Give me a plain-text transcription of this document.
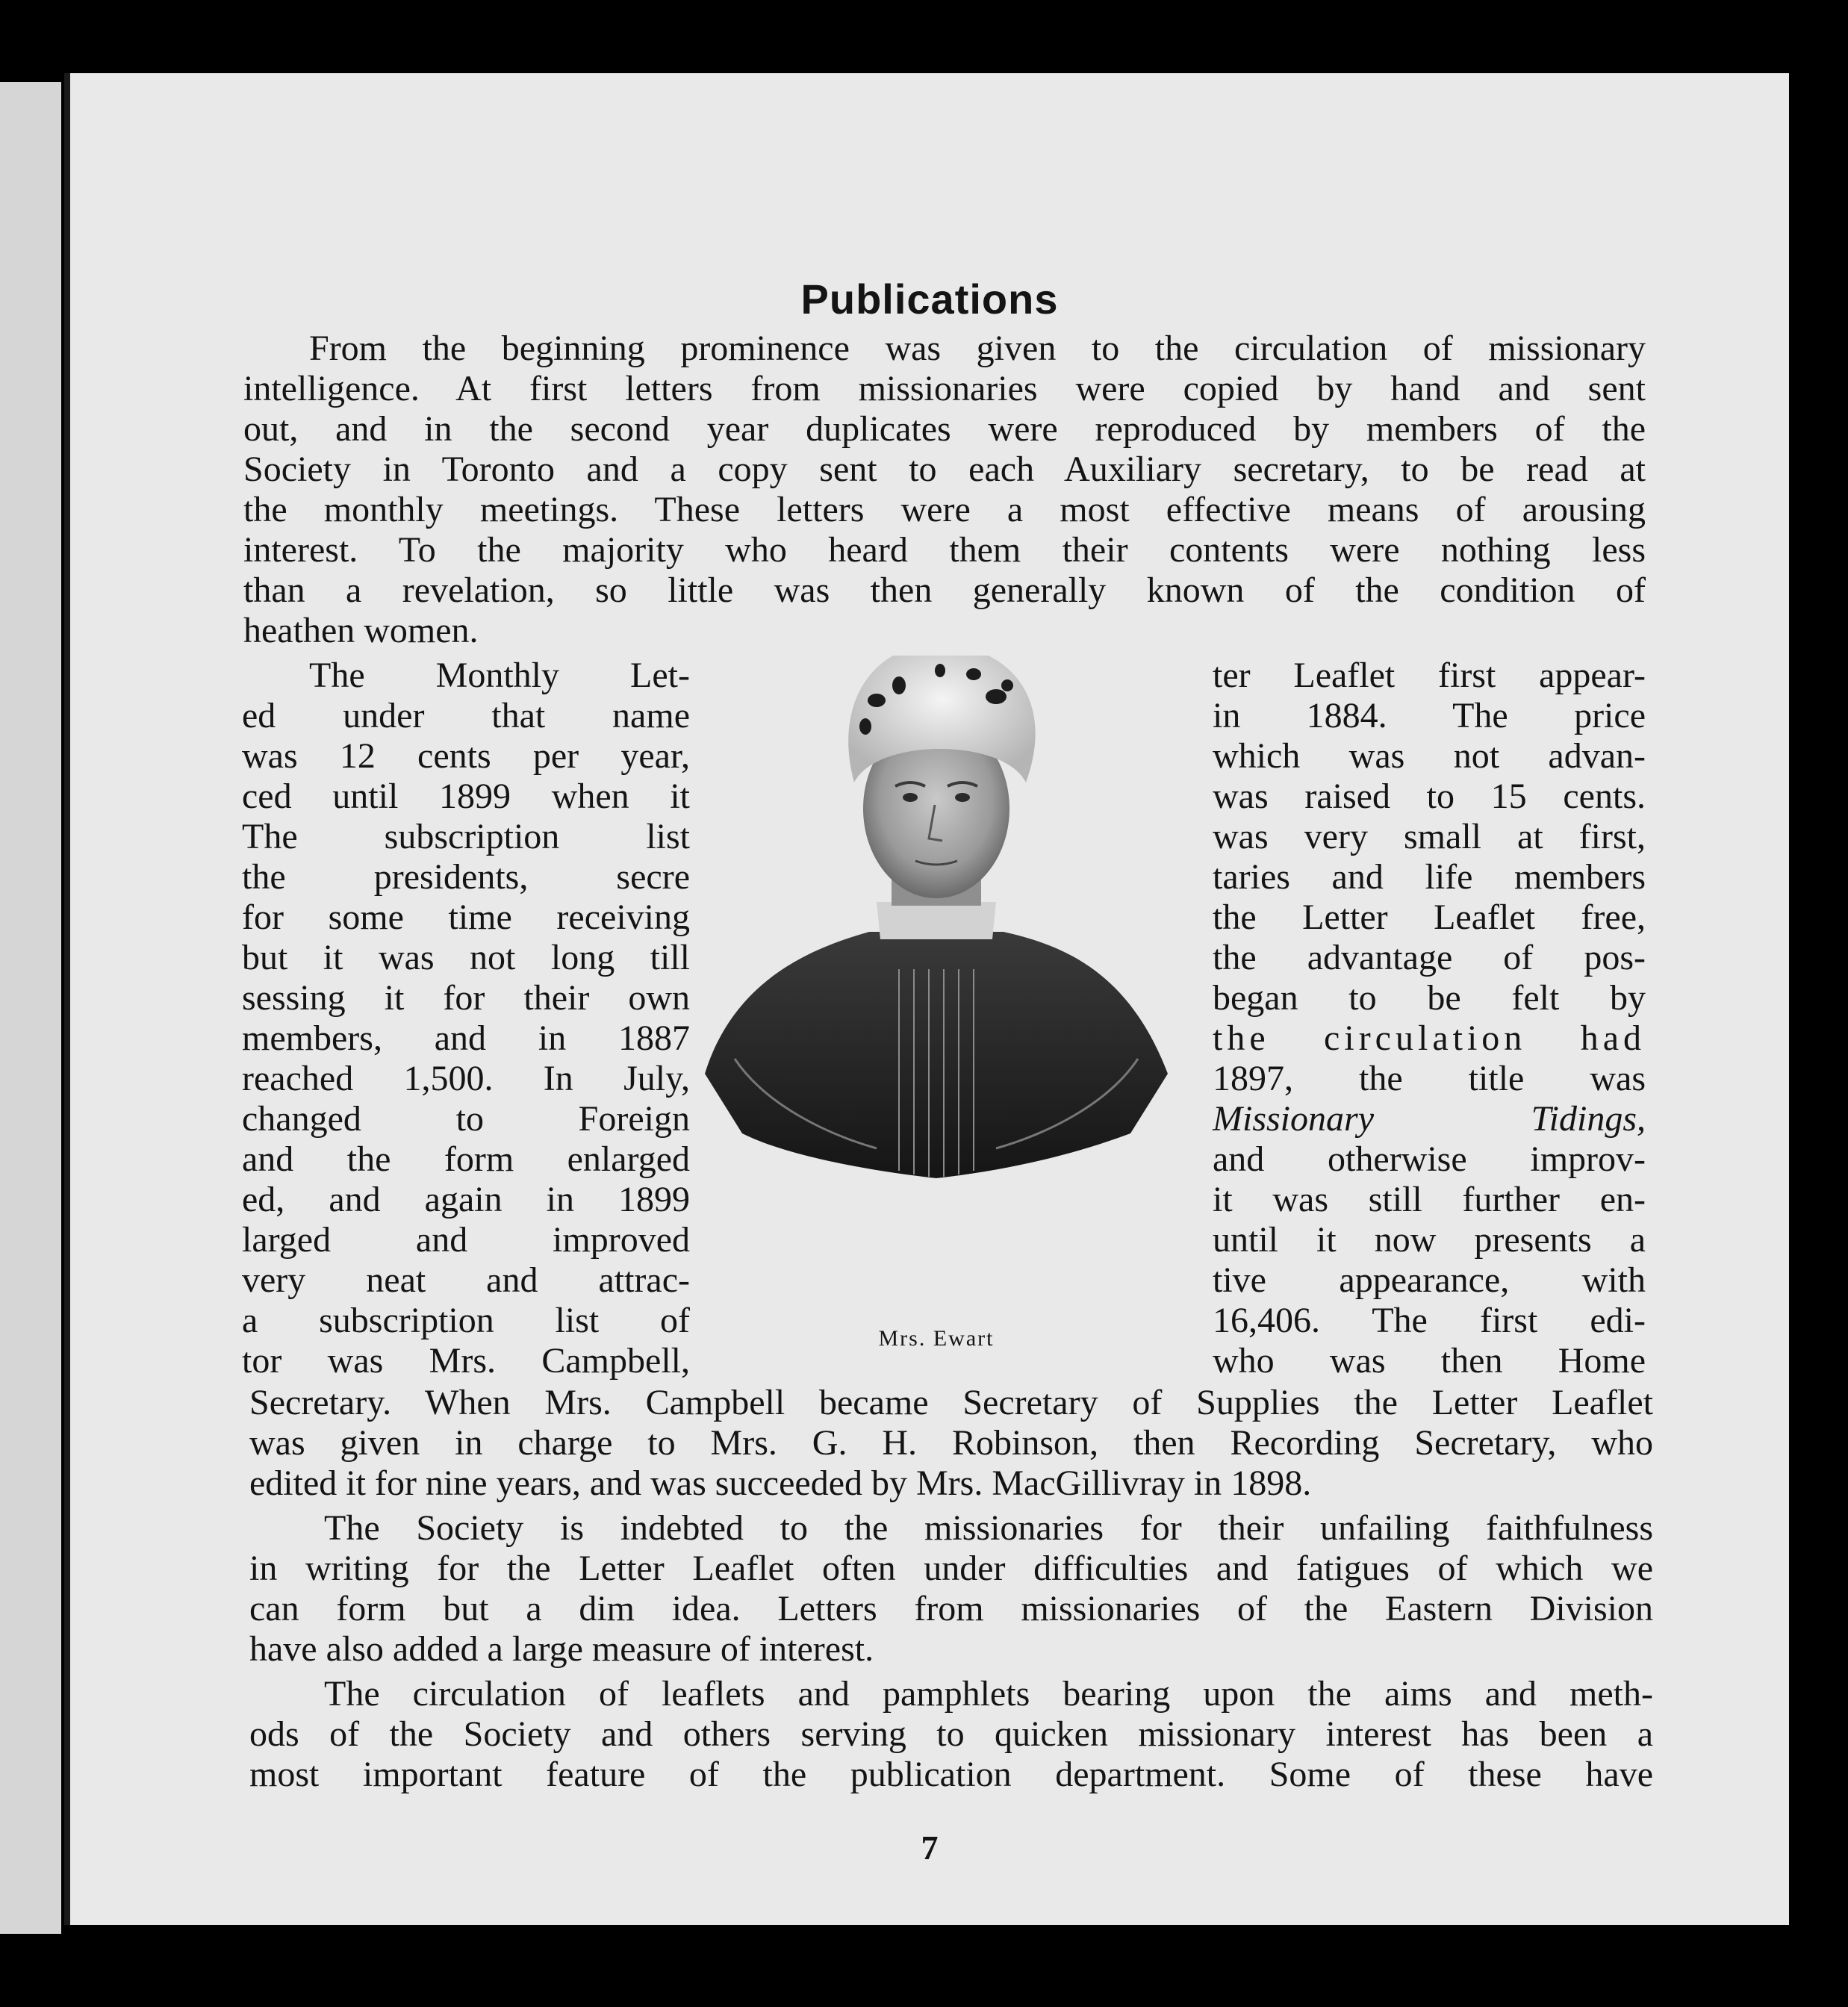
Publications

From the beginning prominence was given to the circulation of missionary

intelligence. At first letters from missionaries were copied by hand and sent

out, and in the second year duplicates were reproduced by members of the

Society in Toronto and a copy sent to each Auxiliary secretary, to be read at

the monthly meetings. These letters were a most effective means of arousing

interest. To the majority who heard them their contents were nothing less

than a revelation, so little was then generally known of the condition of

heathen women.

The Monthly Let-

ed under that name

was 12 cents per year,

ced until 1899 when it

The subscription list

the presidents, secre

for some time receiving

but it was not long till

sessing it for their own

members, and in 1887

reached 1,500. In July,

changed to Foreign

and the form enlarged

ed, and again in 1899

larged and improved

very neat and attrac-

a subscription list of

tor was Mrs. Campbell,

Mrs. Ewart

ter Leaflet first appear-

in 1884. The price

which was not advan-

was raised to 15 cents.

was very small at first,

taries and life members

the Letter Leaflet free,

the advantage of pos-

began to be felt by

the circulation had

1897, the title was

Missionary Tidings,

and otherwise improv-

it was still further en-

until it now presents a

tive appearance, with

16,406. The first edi-

who was then Home

Secretary. When Mrs. Campbell became Secretary of Supplies the Letter Leaflet

was given in charge to Mrs. G. H. Robinson, then Recording Secretary, who

edited it for nine years, and was succeeded by Mrs. MacGillivray in 1898.

The Society is indebted to the missionaries for their unfailing faithfulness

in writing for the Letter Leaflet often under difficulties and fatigues of which we

can form but a dim idea. Letters from missionaries of the Eastern Division

have also added a large measure of interest.

The circulation of leaflets and pamphlets bearing upon the aims and meth-

ods of the Society and others serving to quicken missionary interest has been a

most important feature of the publication department. Some of these have

7
